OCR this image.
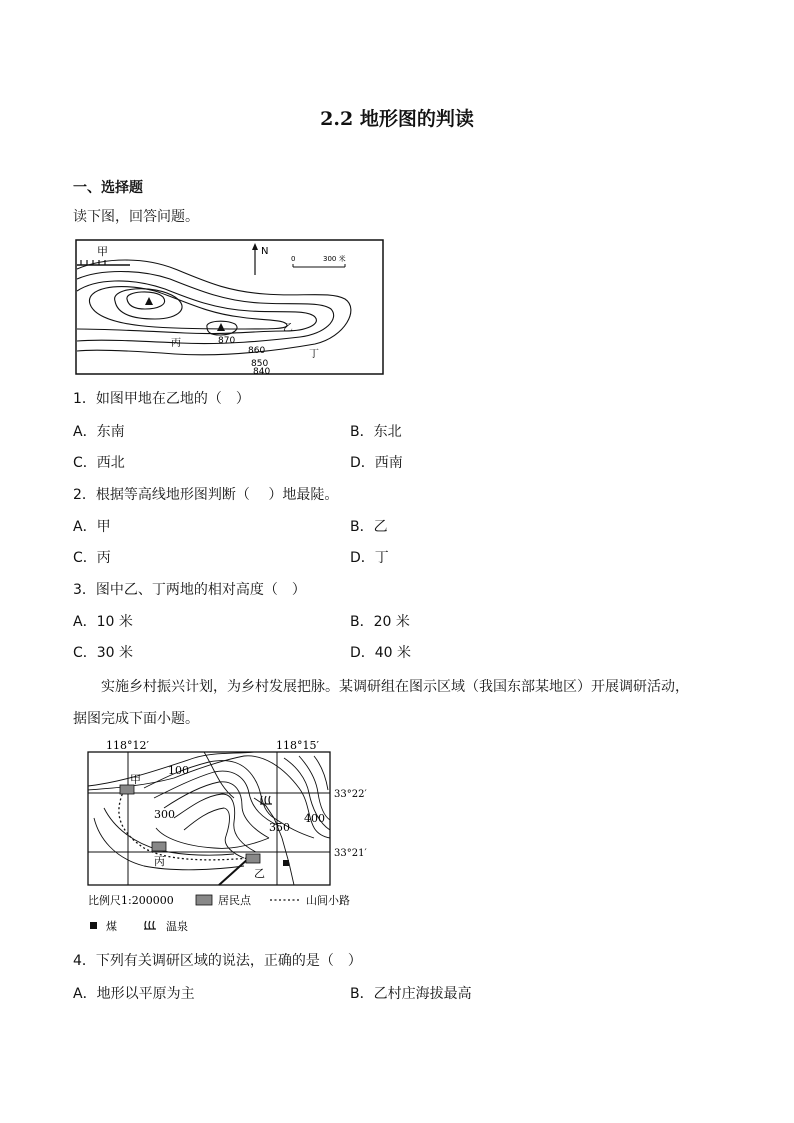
2.2 地形图的判读
一、选择题
读下图，回答问题。
N
0	300 米
甲
乙
丙
丁
870
860
850
840
1．如图甲地在乙地的（　）
A．东南	B．东北
C．西北	D．西南
2．根据等高线地形图判断（　 ）地最陡。
A．甲	B．乙
C．丙	D．丁
3．图中乙、丁两地的相对高度（　）
A．10 米	B．20 米
C．30 米	D．40 米
实施乡村振兴计划，为乡村发展把脉。某调研组在图示区域（我国东部某地区）开展调研活动，
据图完成下面小题。
118°12′	118°15′
33°22′
33°21′
100
300
350
400
甲
丙
乙
比例尺1:200000	居民点	山间小路
煤	温泉
4．下列有关调研区域的说法，正确的是（　）
A．地形以平原为主	B．乙村庄海拔最高
